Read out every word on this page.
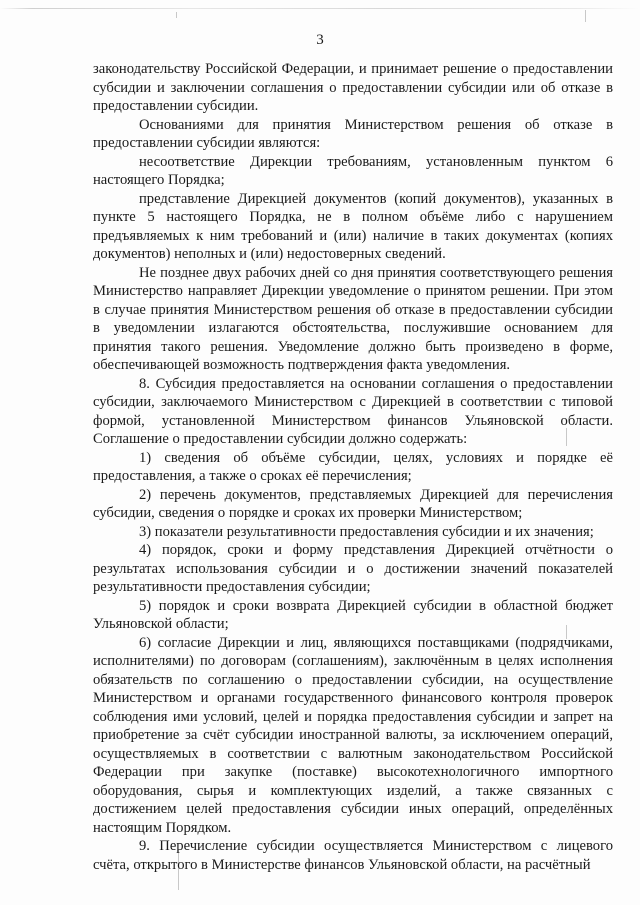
3

законодательству Российской Федерации, и принимает решение о предоставлении субсидии и заключении соглашения о предоставлении субсидии или об отказе в предоставлении субсидии.

Основаниями для принятия Министерством решения об отказе в предоставлении субсидии являются:

несоответствие Дирекции требованиям, установленным пунктом 6 настоящего Порядка;

представление Дирекцией документов (копий документов), указанных в пункте 5 настоящего Порядка, не в полном объёме либо с нарушением предъявляемых к ним требований и (или) наличие в таких документах (копиях документов) неполных и (или) недостоверных сведений.

Не позднее двух рабочих дней со дня принятия соответствующего решения Министерство направляет Дирекции уведомление о принятом решении. При этом в случае принятия Министерством решения об отказе в предоставлении субсидии в уведомлении излагаются обстоятельства, послужившие основанием для принятия такого решения. Уведомление должно быть произведено в форме, обеспечивающей возможность подтверждения факта уведомления.

8. Субсидия предоставляется на основании соглашения о предоставлении субсидии, заключаемого Министерством с Дирекцией в соответствии с типовой формой, установленной Министерством финансов Ульяновской области. Соглашение о предоставлении субсидии должно содержать:

1) сведения об объёме субсидии, целях, условиях и порядке её предоставления, а также о сроках её перечисления;

2) перечень документов, представляемых Дирекцией для перечисления субсидии, сведения о порядке и сроках их проверки Министерством;

3) показатели результативности предоставления субсидии и их значения;

4) порядок, сроки и форму представления Дирекцией отчётности о результатах использования субсидии и о достижении значений показателей результативности предоставления субсидии;

5) порядок и сроки возврата Дирекцией субсидии в областной бюджет Ульяновской области;

6) согласие Дирекции и лиц, являющихся поставщиками (подрядчиками, исполнителями) по договорам (соглашениям), заключённым в целях исполнения обязательств по соглашению о предоставлении субсидии, на осуществление Министерством и органами государственного финансового контроля проверок соблюдения ими условий, целей и порядка предоставления субсидии и запрет на приобретение за счёт субсидии иностранной валюты, за исключением операций, осуществляемых в соответствии с валютным законодательством Российской Федерации при закупке (поставке) высокотехнологичного импортного оборудования, сырья и комплектующих изделий, а также связанных с достижением целей предоставления субсидии иных операций, определённых настоящим Порядком.

9. Перечисление субсидии осуществляется Министерством с лицевого счёта, открытого в Министерстве финансов Ульяновской области, на расчётный
